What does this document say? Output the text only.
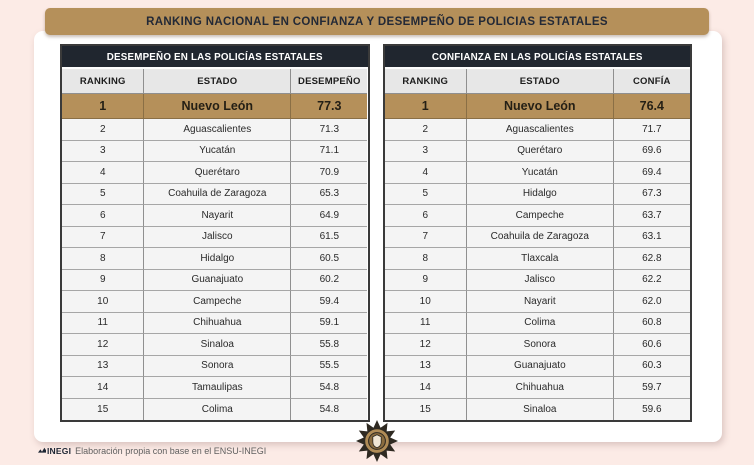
RANKING NACIONAL EN CONFIANZA Y DESEMPEÑO DE POLICIAS ESTATALES
DESEMPEÑO EN LAS POLICÍAS ESTATALES
RANKING	ESTADO	DESEMPEÑO
1	Nuevo León	77.3
2	Aguascalientes	71.3
3	Yucatán	71.1
4	Querétaro	70.9
5	Coahuila de Zaragoza	65.3
6	Nayarit	64.9
7	Jalisco	61.5
8	Hidalgo	60.5
9	Guanajuato	60.2
10	Campeche	59.4
11	Chihuahua	59.1
12	Sinaloa	55.8
13	Sonora	55.5
14	Tamaulipas	54.8
15	Colima	54.8
CONFIANZA EN LAS POLICÍAS ESTATALES
RANKING	ESTADO	CONFÍA
1	Nuevo León	76.4
2	Aguascalientes	71.7
3	Querétaro	69.6
4	Yucatán	69.4
5	Hidalgo	67.3
6	Campeche	63.7
7	Coahuila de Zaragoza	63.1
8	Tlaxcala	62.8
9	Jalisco	62.2
10	Nayarit	62.0
11	Colima	60.8
12	Sonora	60.6
13	Guanajuato	60.3
14	Chihuahua	59.7
15	Sinaloa	59.6
INEGI Elaboración propia con base en el ENSU-INEGI
